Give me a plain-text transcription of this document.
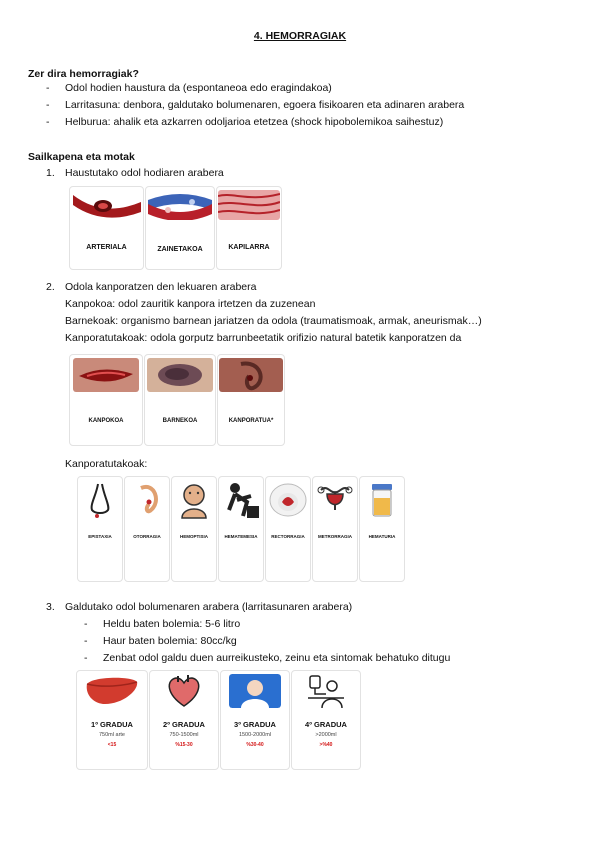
4. HEMORRAGIAK
Zer dira hemorragiak?
- Odol hodien haustura da (espontaneoa edo eragindakoa)
- Larritasuna: denbora, galdutako bolumenaren, egoera fisikoaren eta adinaren arabera
- Helburua: ahalik eta azkarren odoljarioa etetzea (shock hipobolemikoa saihestuz)
Sailkapena eta motak
1. Haustutako odol hodiaren arabera
ARTERIALA	ZAINETAKOA	KAPILARRA
2. Odola kanporatzen den lekuaren arabera
Kanpokoa: odol zauritik kanpora irtetzen da zuzenean
Barnekoak: organismo barnean jariatzen da odola (traumatismoak, armak, aneurismak…)
Kanporatutakoak: odola gorputz barrunbeetatik orifizio natural batetik kanporatzen da
KANPOKOA	BARNEKOA	KANPORATUA*
Kanporatutakoak:
EPISTAXIA	OTORRAGIA	HEMOPTISIA	HEMATEMESIA	RECTORRAGIA	METRORRAGIA	HEMATURIA
3. Galdutako odol bolumenaren arabera (larritasunaren arabera)
- Heldu baten bolemia: 5-6 litro
- Haur baten bolemia: 80cc/kg
- Zenbat odol galdu duen aurreikusteko, zeinu eta sintomak behatuko ditugu
1º GRADUA
750ml arte
<15
2º GRADUA
750-1500ml
%15-30
3º GRADUA
1500-2000ml
%30-40
4º GRADUA
>2000ml
>%40
